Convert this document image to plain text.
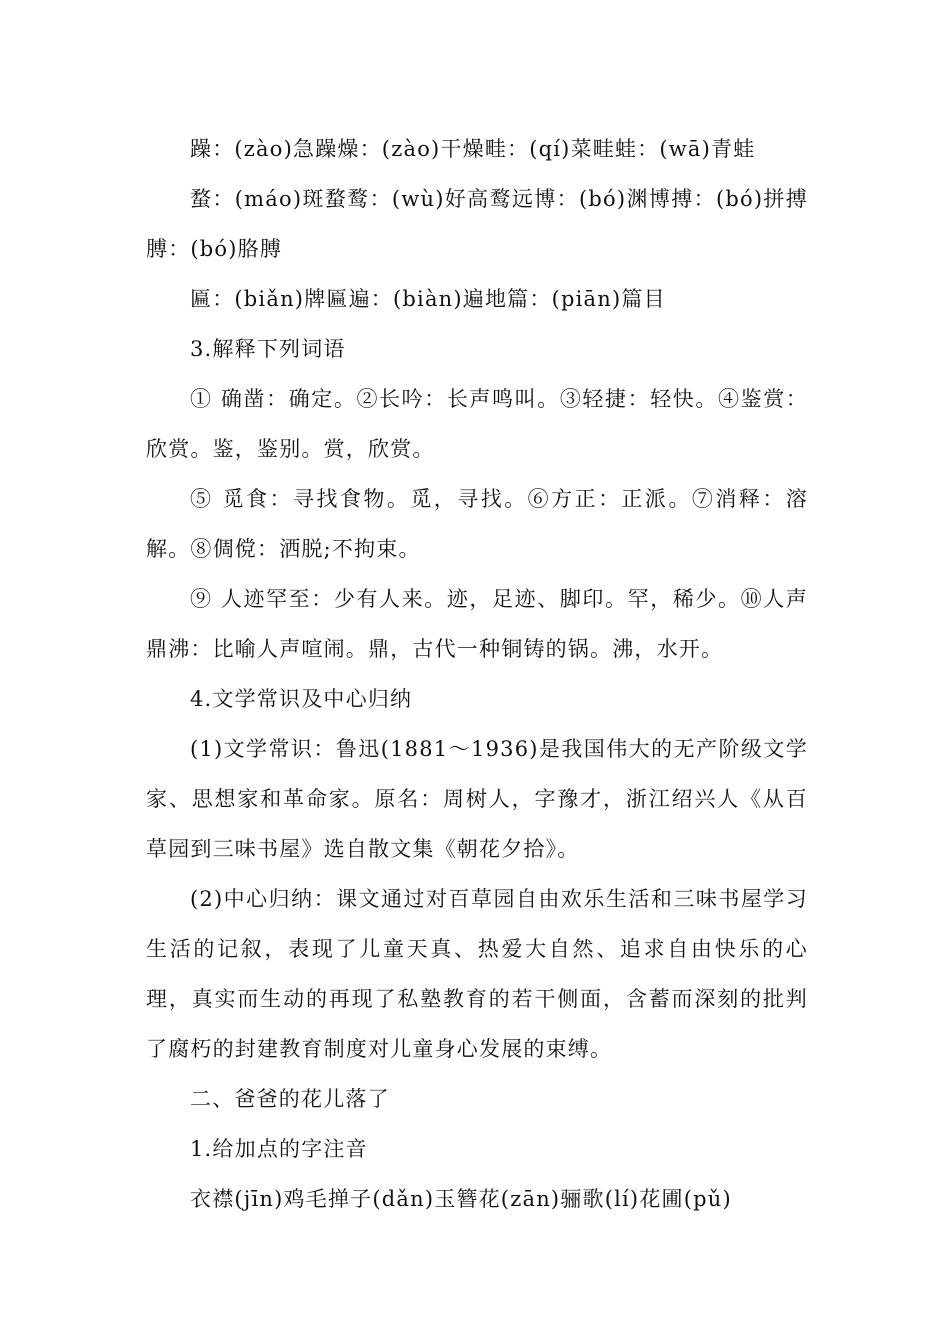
躁：(zào)急躁燥：(zào)干燥畦：(qí)菜畦蛙：(wā)青蛙

蝥：(máo)斑蝥鹜：(wù)好高鹜远博：(bó)渊博搏：(bó)拼搏膊：(bó)胳膊

匾：(biǎn)牌匾遍：(biàn)遍地篇：(piān)篇目

3.解释下列词语

① 确凿：确定。②长吟：长声鸣叫。③轻捷：轻快。④鉴赏：欣赏。鉴，鉴别。赏，欣赏。

⑤ 觅食：寻找食物。觅，寻找。⑥方正：正派。⑦消释：溶解。⑧倜傥：洒脱;不拘束。

⑨ 人迹罕至：少有人来。迹，足迹、脚印。罕，稀少。⑩人声鼎沸：比喻人声喧闹。鼎，古代一种铜铸的锅。沸，水开。

4.文学常识及中心归纳

(1)文学常识：鲁迅(1881～1936)是我国伟大的无产阶级文学家、思想家和革命家。原名：周树人，字豫才，浙江绍兴人《从百草园到三味书屋》选自散文集《朝花夕拾》。

(2)中心归纳：课文通过对百草园自由欢乐生活和三味书屋学习生活的记叙，表现了儿童天真、热爱大自然、追求自由快乐的心理，真实而生动的再现了私塾教育的若干侧面，含蓄而深刻的批判了腐朽的封建教育制度对儿童身心发展的束缚。

二、爸爸的花儿落了

1.给加点的字注音

衣襟(jīn)鸡毛掸子(dǎn)玉簪花(zān)骊歌(lí)花圃(pǔ)
